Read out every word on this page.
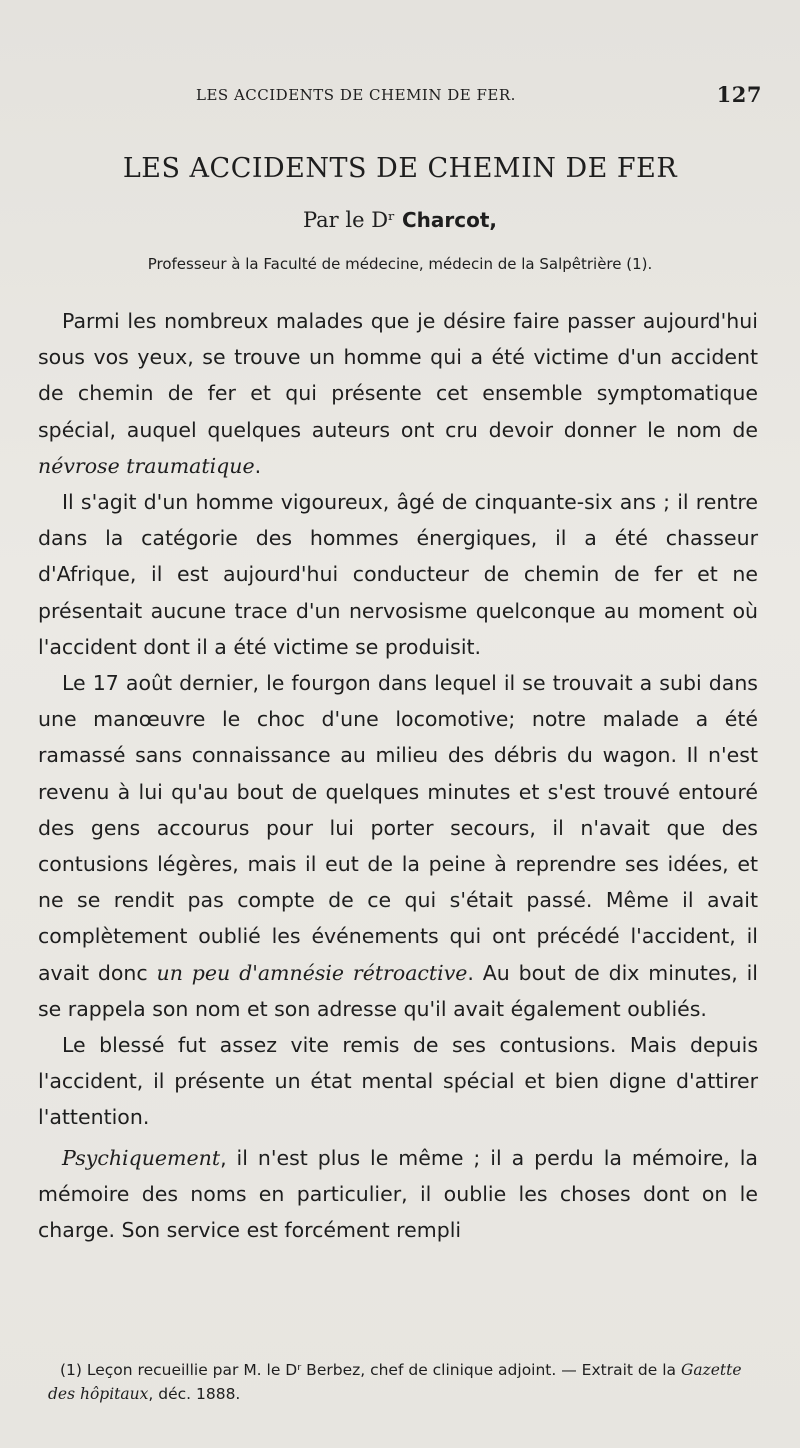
LES ACCIDENTS DE CHEMIN DE FER.	127
LES ACCIDENTS DE CHEMIN DE FER
Par le Dʳ Charcot,
Professeur à la Faculté de médecine, médecin de la Salpêtrière (1).

Parmi les nombreux malades que je désire faire passer aujourd'hui sous vos yeux, se trouve un homme qui a été victime d'un accident de chemin de fer et qui présente cet ensemble symptomatique spécial, auquel quelques auteurs ont cru devoir donner le nom de névrose traumatique.

Il s'agit d'un homme vigoureux, âgé de cinquante-six ans ; il rentre dans la catégorie des hommes énergiques, il a été chasseur d'Afrique, il est aujourd'hui conducteur de chemin de fer et ne présentait aucune trace d'un nervosisme quelconque au moment où l'accident dont il a été victime se produisit.

Le 17 août dernier, le fourgon dans lequel il se trouvait a subi dans une manœuvre le choc d'une locomotive; notre malade a été ramassé sans connaissance au milieu des débris du wagon. Il n'est revenu à lui qu'au bout de quelques minutes et s'est trouvé entouré des gens accourus pour lui porter secours, il n'avait que des contusions légères, mais il eut de la peine à reprendre ses idées, et ne se rendit pas compte de ce qui s'était passé. Même il avait complètement oublié les événements qui ont précédé l'accident, il avait donc un peu d'amnésie rétroactive. Au bout de dix minutes, il se rappela son nom et son adresse qu'il avait également oubliés.

Le blessé fut assez vite remis de ses contusions. Mais depuis l'accident, il présente un état mental spécial et bien digne d'attirer l'attention.

Psychiquement, il n'est plus le même ; il a perdu la mémoire, la mémoire des noms en particulier, il oublie les choses dont on le charge. Son service est forcément rempli

(1) Leçon recueillie par M. le Dʳ Berbez, chef de clinique adjoint. — Extrait de la Gazette des hôpitaux, déc. 1888.
